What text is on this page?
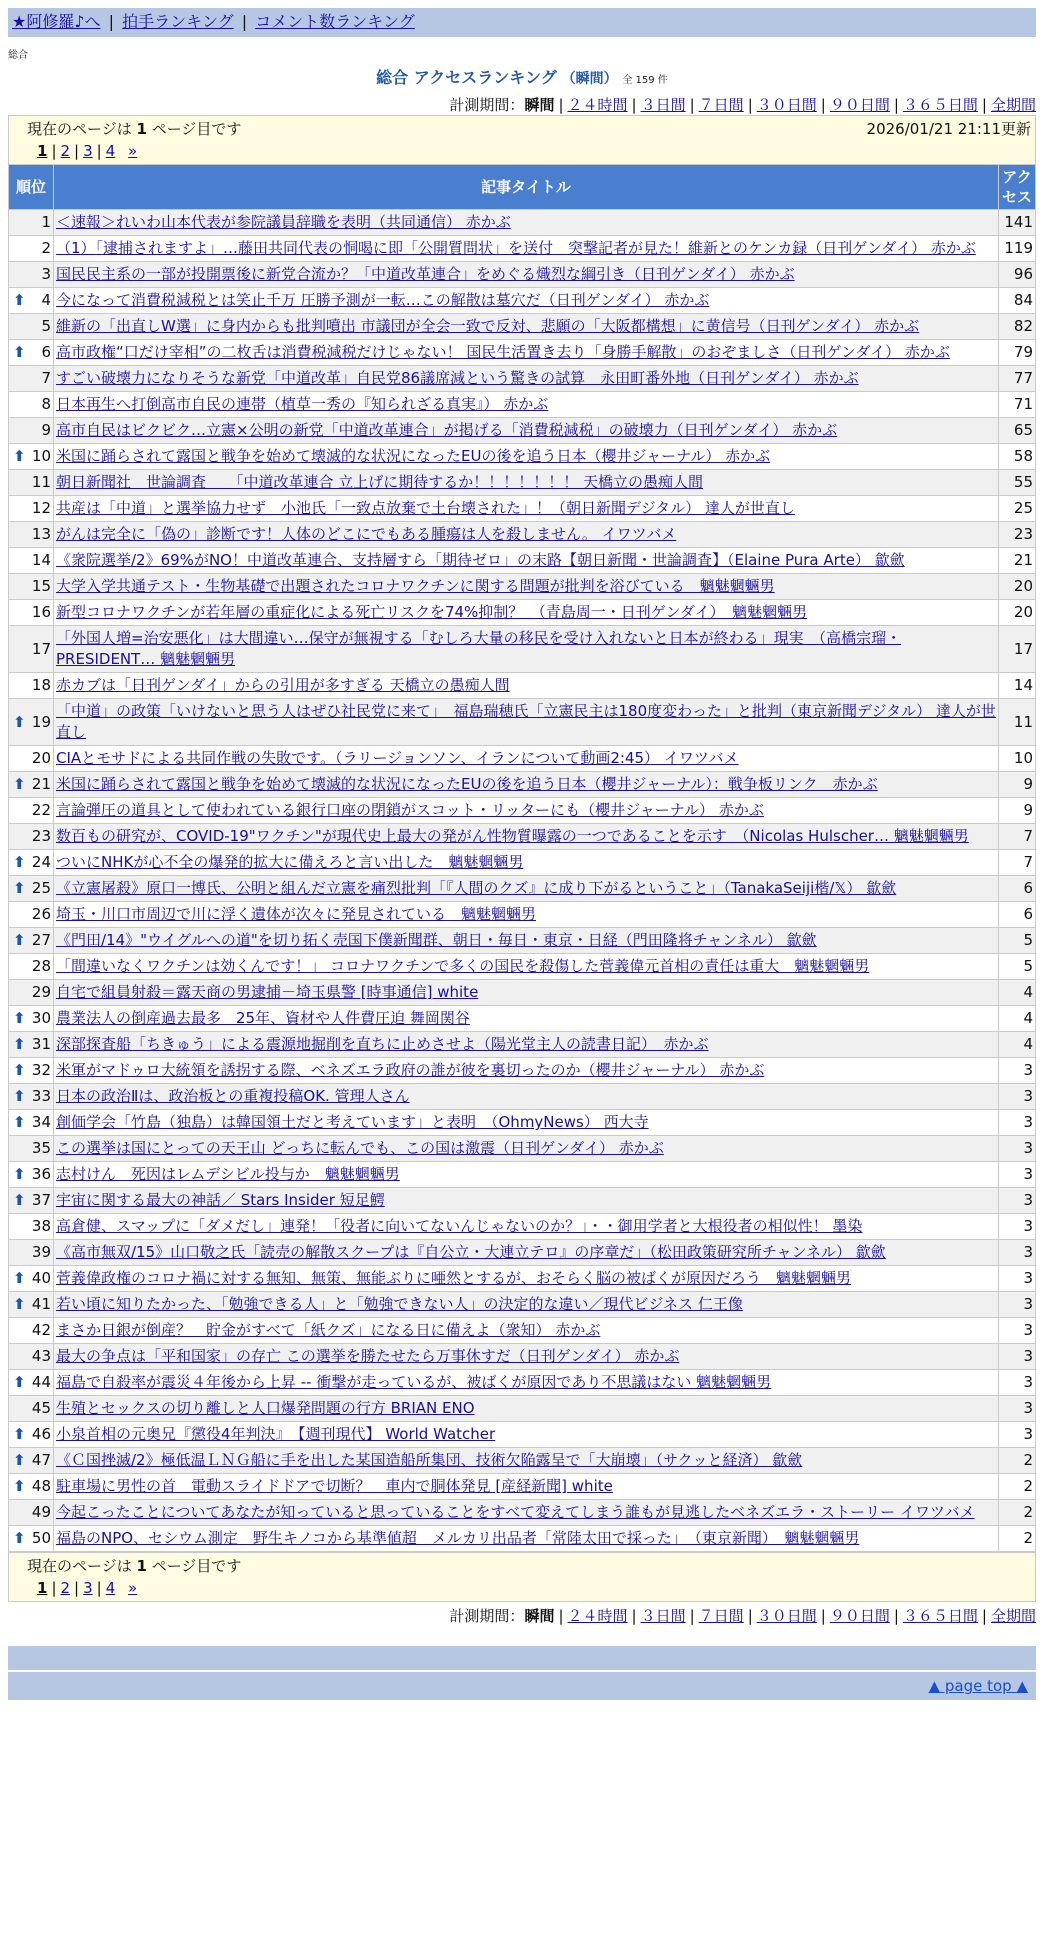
★阿修羅♪へ | 拍手ランキング | コメント数ランキング
総合
総合 アクセスランキング （瞬間） 全 159 件
計測期間：瞬間 | ２４時間 | ３日間 | ７日間 | ３０日間 | ９０日間 | ３６５日間 | 全期間
現在のページは 1 ページ目です	2026/01/21 21:11更新
1 | 2 | 3 | 4 »
順位	記事タイトル	アクセス
1	＜速報＞れいわ山本代表が参院議員辞職を表明（共同通信） 赤かぶ	141
2	（1）「逮捕されますよ」…藤田共同代表の恫喝に即「公開質問状」を送付　突撃記者が見た！維新とのケンカ録（日刊ゲンダイ） 赤かぶ	119
3	国民民主系の一部が投開票後に新党合流か？「中道改革連合」をめぐる熾烈な綱引き（日刊ゲンダイ） 赤かぶ	96

⬆ 4	今になって消費税減税とは笑止千万 圧勝予測が一転…この解散は墓穴だ（日刊ゲンダイ） 赤かぶ	84
5	維新の「出直しW選」に身内からも批判噴出 市議団が全会一致で反対、悲願の「大阪都構想」に黄信号（日刊ゲンダイ） 赤かぶ	82

⬆ 6	高市政権“口だけ宰相”の二枚舌は消費税減税だけじゃない！ 国民生活置き去り「身勝手解散」のおぞましさ（日刊ゲンダイ） 赤かぶ	79
7	すごい破壊力になりそうな新党「中道改革」自民党86議席減という驚きの試算　永田町番外地（日刊ゲンダイ） 赤かぶ	77
8	日本再生へ打倒高市自民の連帯（植草一秀の『知られざる真実』） 赤かぶ	71
9	高市自民はビクビク…立憲×公明の新党「中道改革連合」が掲げる「消費税減税」の破壊力（日刊ゲンダイ） 赤かぶ	65

⬆ 10	米国に踊らされて露国と戦争を始めて壊滅的な状況になったEUの後を追う日本（櫻井ジャーナル） 赤かぶ	58
11	朝日新聞社　世論調査　　「中道改革連合 立上げに期待するか！！！！！！！ 天橋立の愚痴人間	55
12	共産は「中道」と選挙協力せず　小池氏「一致点放棄で土台壊された」！（朝日新聞デジタル） 達人が世直し	25
13	がんは完全に「偽の」診断です！人体のどこにでもある腫瘍は人を殺しません。 イワツバメ	23
14	《衆院選挙/2》69%がNO！中道改革連合、支持層すら「期待ゼロ」の末路【朝日新聞・世論調査】（Elaine Pura Arte） 歙歛	21
15	大学入学共通テスト・生物基礎で出題されたコロナワクチンに関する問題が批判を浴びている　魑魅魍魎男	20
16	新型コロナワクチンが若年層の重症化による死亡リスクを74%抑制？　（青島周一・日刊ゲンダイ）　魑魅魍魎男	20
17	「外国人増=治安悪化」は大間違い…保守が無視する「むしろ大量の移民を受け入れないと日本が終わる」現実　（高橋宗瑠・PRESIDENT… 魑魅魍魎男	17
18	赤カブは「日刊ゲンダイ」からの引用が多すぎる 天橋立の愚痴人間	14

⬆ 19	「中道」の政策「いけないと思う人はぜひ社民党に来て」　福島瑞穂氏「立憲民主は180度変わった」と批判（東京新聞デジタル） 達人が世直し	11
20	CIAとモサドによる共同作戦の失敗です。（ラリージョンソン、イランについて動画2:45） イワツバメ	10

⬆ 21	米国に踊らされて露国と戦争を始めて壊滅的な状況になったEUの後を追う日本（櫻井ジャーナル）：戦争板リンク　赤かぶ	9
22	言論弾圧の道具として使われている銀行口座の閉鎖がスコット・リッターにも（櫻井ジャーナル） 赤かぶ	9
23	数百もの研究が、COVID-19"ワクチン"が現代史上最大の発がん性物質曝露の一つであることを示す　（Nicolas Hulscher… 魑魅魍魎男	7

⬆ 24	ついにNHKが心不全の爆発的拡大に備えろと言い出した　魑魅魍魎男	7

⬆ 25	《立憲屠殺》原口一博氏、公明と組んだ立憲を痛烈批判「『人間のクズ』に成り下がるということ」（TanakaSeiji楷/𝕏） 歙歛	6
26	埼玉・川口市周辺で川に浮く遺体が次々に発見されている　魑魅魍魎男	6

⬆ 27	《門田/14》"ウイグルへの道"を切り拓く売国下僕新聞群、朝日・毎日・東京・日経（門田隆将チャンネル） 歙歛	5
28	「間違いなくワクチンは効くんです！」 コロナワクチンで多くの国民を殺傷した菅義偉元首相の責任は重大　魑魅魍魎男	5
29	自宅で組員射殺＝露天商の男逮捕－埼玉県警 [時事通信] white	4

⬆ 30	農業法人の倒産過去最多　25年、資材や人件費圧迫 舞岡関谷	4

⬆ 31	深部探査船「ちきゅう」による震源地掘削を直ちに止めさせよ（陽光堂主人の読書日記）　赤かぶ	4

⬆ 32	米軍がマドゥロ大統領を誘拐する際、ベネズエラ政府の誰が彼を裏切ったのか（櫻井ジャーナル） 赤かぶ	3

⬆ 33	日本の政治Ⅱは、政治板との重複投稿OK. 管理人さん	3

⬆ 34	創価学会「竹島（独島）は韓国領土だと考えています」と表明　（OhmyNews） 西大寺	3
35	この選挙は国にとっての天王山 どっちに転んでも、この国は激震（日刊ゲンダイ） 赤かぶ	3

⬆ 36	志村けん　死因はレムデシビル投与か　魑魅魍魎男	3

⬆ 37	宇宙に関する最大の神話／ Stars Insider 短足鰐	3
38	高倉健、スマップに「ダメだし」連発！「役者に向いてないんじゃないのか？」・・御用学者と大根役者の相似性！ 墨染	3
39	《高市無双/15》山口敬之氏「読売の解散スクープは『自公立・大連立テロ』の序章だ」（松田政策研究所チャンネル） 歙歛	3

⬆ 40	菅義偉政権のコロナ禍に対する無知、無策、無能ぶりに唖然とするが、おそらく脳の被ばくが原因だろう　魑魅魍魎男	3

⬆ 41	若い頃に知りたかった、「勉強できる人」と「勉強できない人」の決定的な違い／現代ビジネス 仁王像	3
42	まさか日銀が倒産？　貯金がすべて「紙クズ」になる日に備えよ（衆知） 赤かぶ	3
43	最大の争点は「平和国家」の存亡 この選挙を勝たせたら万事休すだ（日刊ゲンダイ） 赤かぶ	3

⬆ 44	福島で自殺率が震災４年後から上昇 -- 衝撃が走っているが、被ばくが原因であり不思議はない 魑魅魍魎男	3
45	生殖とセックスの切り離しと人口爆発問題の行方 BRIAN ENO	3

⬆ 46	小泉首相の元奥兄『懲役4年判決』　【週刊現代】 World Watcher	3

⬆ 47	《Ｃ国挫滅/2》極低温ＬＮＧ船に手を出した某国造船所集団、技術欠陥露呈で「大崩壊」（サクッと経済） 歙歛	2

⬆ 48	駐車場に男性の首　電動スライドドアで切断？　車内で胴体発見 [産経新聞] white	2
49	今起こったことについてあなたが知っていると思っていることをすべて変えてしまう誰もが見逃したベネズエラ・ストーリー イワツバメ	2

⬆ 50	福島のNPO、セシウム測定　野生キノコから基準値超　メルカリ出品者「常陸太田で採った」　（東京新聞）　魑魅魍魎男	2
現在のページは 1 ページ目です
1 | 2 | 3 | 4 »
計測期間：瞬間 | ２４時間 | ３日間 | ７日間 | ３０日間 | ９０日間 | ３６５日間 | 全期間
▲ page top ▲
